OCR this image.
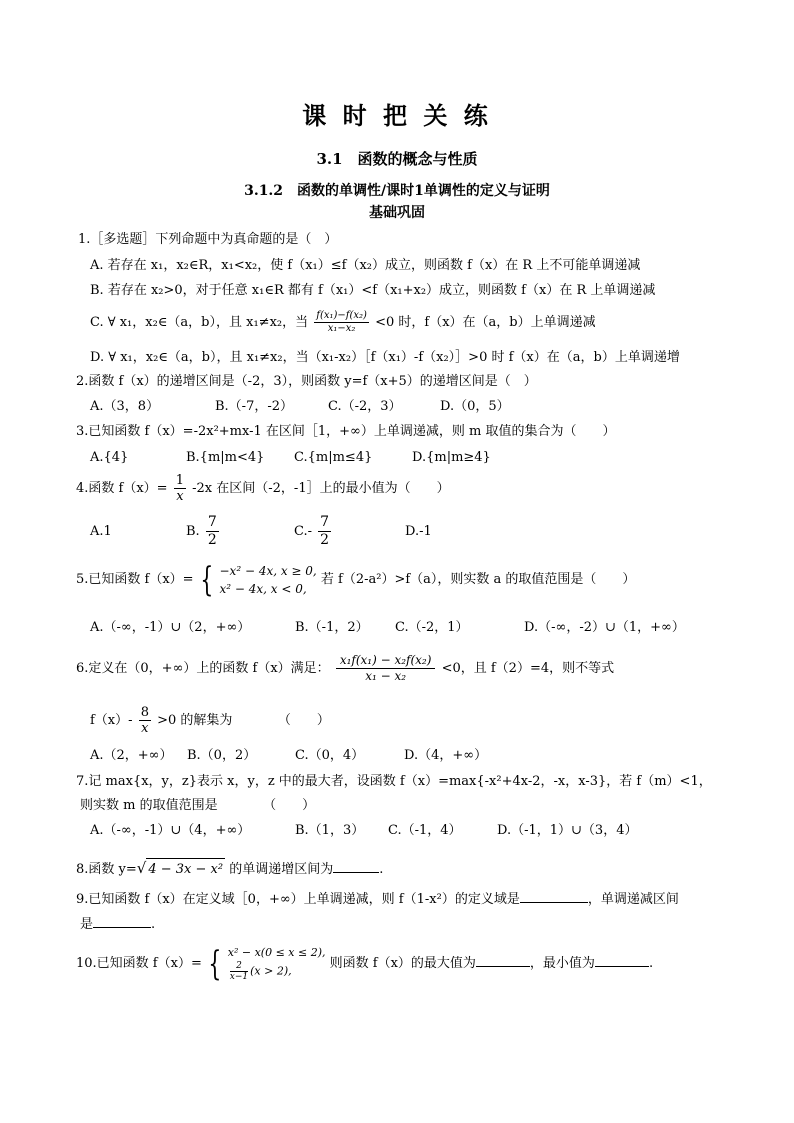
课 时 把 关 练
3.1　函数的概念与性质
3.1.2　函数的单调性/课时1单调性的定义与证明
基础巩固
1.［多选题］下列命题中为真命题的是（　）
A. 若存在 x₁，x₂∈R，x₁<x₂，使 f（x₁）≤f（x₂）成立，则函数 f（x）在 R 上不可能单调递减
B. 若存在 x₂>0，对于任意 x₁∈R 都有 f（x₁）<f（x₁+x₂）成立，则函数 f（x）在 R 上单调递减
C. ∀ x₁，x₂∈（a，b），且 x₁≠x₂，当 $\frac{\text{f(x₁)−f(x₂)}}{\text{x₁−x₂}} <0$ 时，f（x）在（a，b）上单调递减
D. ∀ x₁，x₂∈（a，b），且 x₁≠x₂，当（x₁-x₂）［f（x₁）-f（x₂）］>0 时 f（x）在（a，b）上单调递增
2.函数 f（x）的递增区间是（-2，3），则函数 y=f（x+5）的递增区间是（　）
A.（3，8）	B.（-7，-2）	C.（-2，3）	D.（0，5）
3.已知函数 f（x）=-2x²+mx-1 在区间［1，+∞）上单调递减，则 m 取值的集合为（　　）
A.{4}	B.{m|m<4} C.{m|m≤4}	D.{m|m≥4}
4.函数 $f(x)= \frac{1}{x} -2x$ 在区间（-2，-1］上的最小值为（　　）
A.1	B. $\frac{7}{2}$	$C.- \frac{7}{2}$	D.-1
5.已知函数 f（x）= { −x² − 4x, x ≥ 0,
x² − 4x, x < 0,
若 f（2-a²）>f（a），则实数 a 的取值范围是（　　）
A.（-∞，-1）∪（2，+∞）	B.（-1，2） C.（-2，1）	D.（-∞，-2）∪（1，+∞）
6.定义在（0，+∞）上的函数 f（x）满足： $\frac{\text{x₁f(x₁) − x₂f(x₂)}}{\text{x₁ − x₂}} <0$，且 f（2）=4，则不等式
$f(x)- \frac{8}{x} >0$ 的解集为　　　　（　　）
A.（2，+∞） B.（0，2）	C.（0，4）	D.（4，+∞）
7.记 max{x，y，z}表示 x，y，z 中的最大者，设函数 f（x）=max{-x²+4x-2，-x，x-3}，若 f（m）<1，
则实数 m 的取值范围是　　　　（　　）
A.（-∞，-1）∪（4，+∞）	B.（1，3） C.（-1，4）	D.（-1，1）∪（3，4）
8.函数 y=√ 4 − 3x − x² 的单调递增区间为	.
9.已知函数 f（x）在定义域［0，+∞）上单调递减，则 f（1-x²）的定义域是	，单调递减区间
是	.
10.已知函数 f（x）= { x² − x(0 ≤ x ≤ 2),
$\frac{2}{x-1} (x > 2)$,	则函数 f（x）的最大值为	，最小值为	.
